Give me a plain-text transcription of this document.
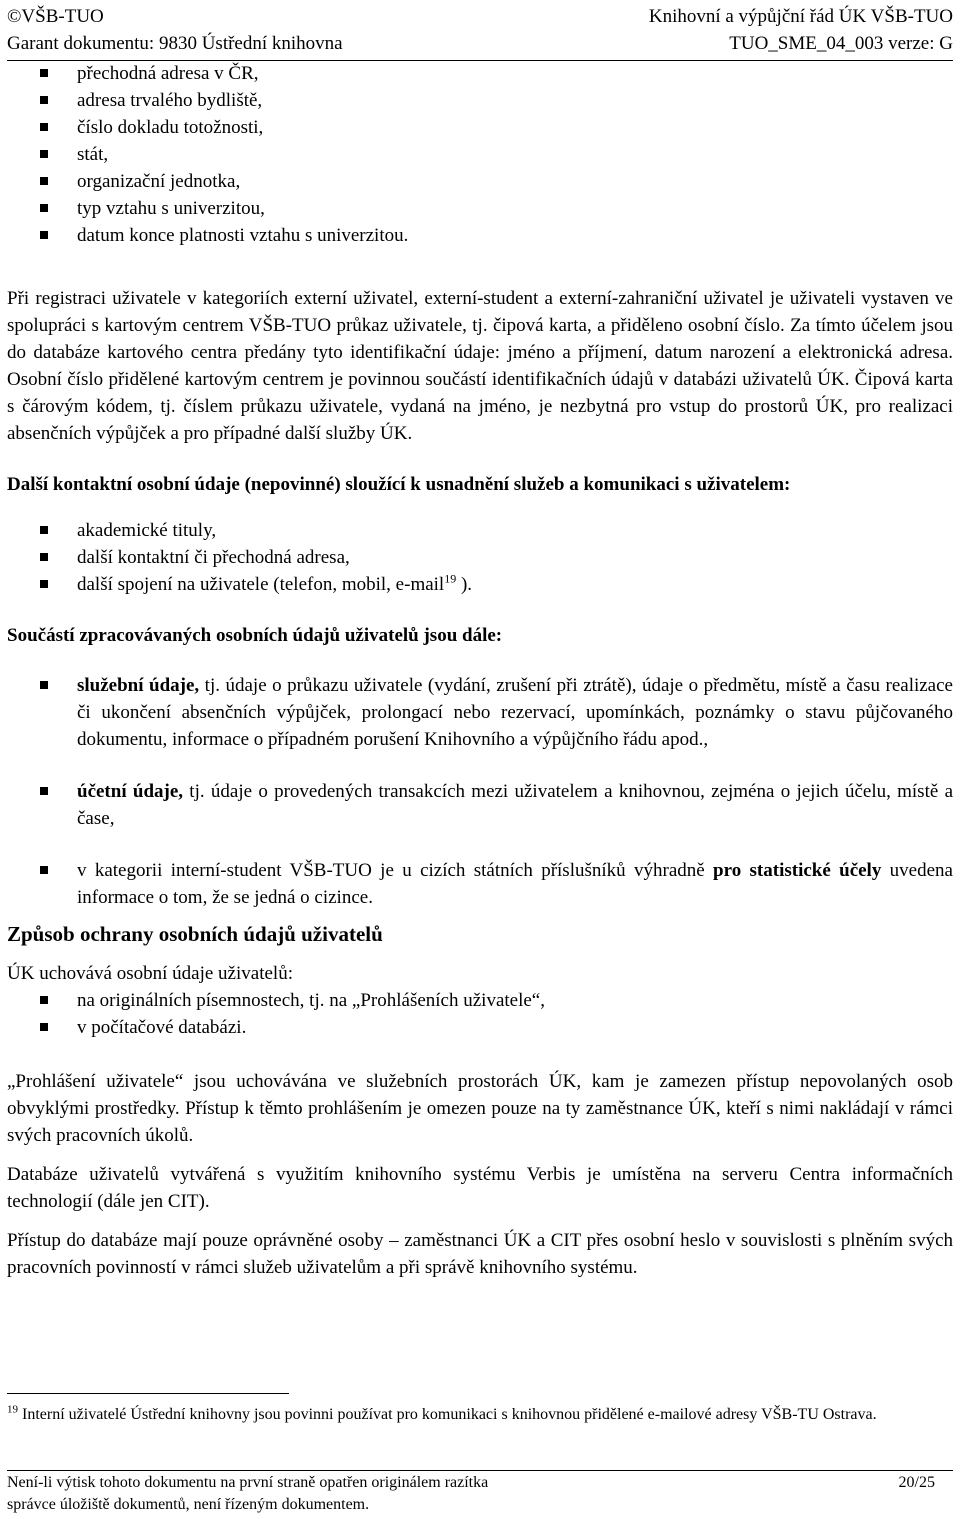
©VŠB-TUO	Knihovní a výpůjční řád ÚK VŠB-TUO
Garant dokumentu: 9830 Ústřední knihovna	TUO_SME_04_003 verze: G
přechodná adresa v ČR,
adresa trvalého bydliště,
číslo dokladu totožnosti,
stát,
organizační jednotka,
typ vztahu s univerzitou,
datum konce platnosti vztahu s univerzitou.

Při registraci uživatele v kategoriích externí uživatel, externí-student a externí-zahraniční uživatel je uživateli vystaven ve spolupráci s kartovým centrem VŠB-TUO průkaz uživatele, tj. čipová karta, a přiděleno osobní číslo. Za tímto účelem jsou do databáze kartového centra předány tyto identifikační údaje: jméno a příjmení, datum narození a elektronická adresa. Osobní číslo přidělené kartovým centrem je povinnou součástí identifikačních údajů v databázi uživatelů ÚK. Čipová karta s čárovým kódem, tj. číslem průkazu uživatele, vydaná na jméno, je nezbytná pro vstup do prostorů ÚK, pro realizaci absenčních výpůjček a pro případné další služby ÚK.

Další kontaktní osobní údaje (nepovinné) sloužící k usnadnění služeb a komunikaci s uživatelem:

akademické tituly,
další kontaktní či přechodná adresa,
další spojení na uživatele (telefon, mobil, e-mail$^{19}$ ).

Součástí zpracovávaných osobních údajů uživatelů jsou dále:

služební údaje, tj. údaje o průkazu uživatele (vydání, zrušení při ztrátě), údaje o předmětu, místě a času realizace či ukončení absenčních výpůjček, prolongací nebo rezervací, upomínkách, poznámky o stavu půjčovaného dokumentu, informace o případném porušení Knihovního a výpůjčního řádu apod.,
účetní údaje, tj. údaje o provedených transakcích mezi uživatelem a knihovnou, zejména o jejich účelu, místě a čase,
v kategorii interní-student VŠB-TUO je u cizích státních příslušníků výhradně pro statistické účely uvedena informace o tom, že se jedná o cizince.

Způsob ochrany osobních údajů uživatelů

ÚK uchovává osobní údaje uživatelů:

na originálních písemnostech, tj. na „Prohlášeních uživatele“,
v počítačové databázi.

„Prohlášení uživatele“ jsou uchovávána ve služebních prostorách ÚK, kam je zamezen přístup nepovolaných osob obvyklými prostředky. Přístup k těmto prohlášením je omezen pouze na ty zaměstnance ÚK, kteří s nimi nakládají v rámci svých pracovních úkolů.

Databáze uživatelů vytvářená s využitím knihovního systému Verbis je umístěna na serveru Centra informačních technologií (dále jen CIT).

Přístup do databáze mají pouze oprávněné osoby – zaměstnanci ÚK a CIT přes osobní heslo v souvislosti s plněním svých pracovních povinností v rámci služeb uživatelům a při správě knihovního systému.

$^{19}$ Interní uživatelé Ústřední knihovny jsou povinni používat pro komunikaci s knihovnou přidělené e-mailové adresy VŠB-TU Ostrava.
Není-li výtisk tohoto dokumentu na první straně opatřen originálem razítka	20/25
správce úložiště dokumentů, není řízeným dokumentem.
